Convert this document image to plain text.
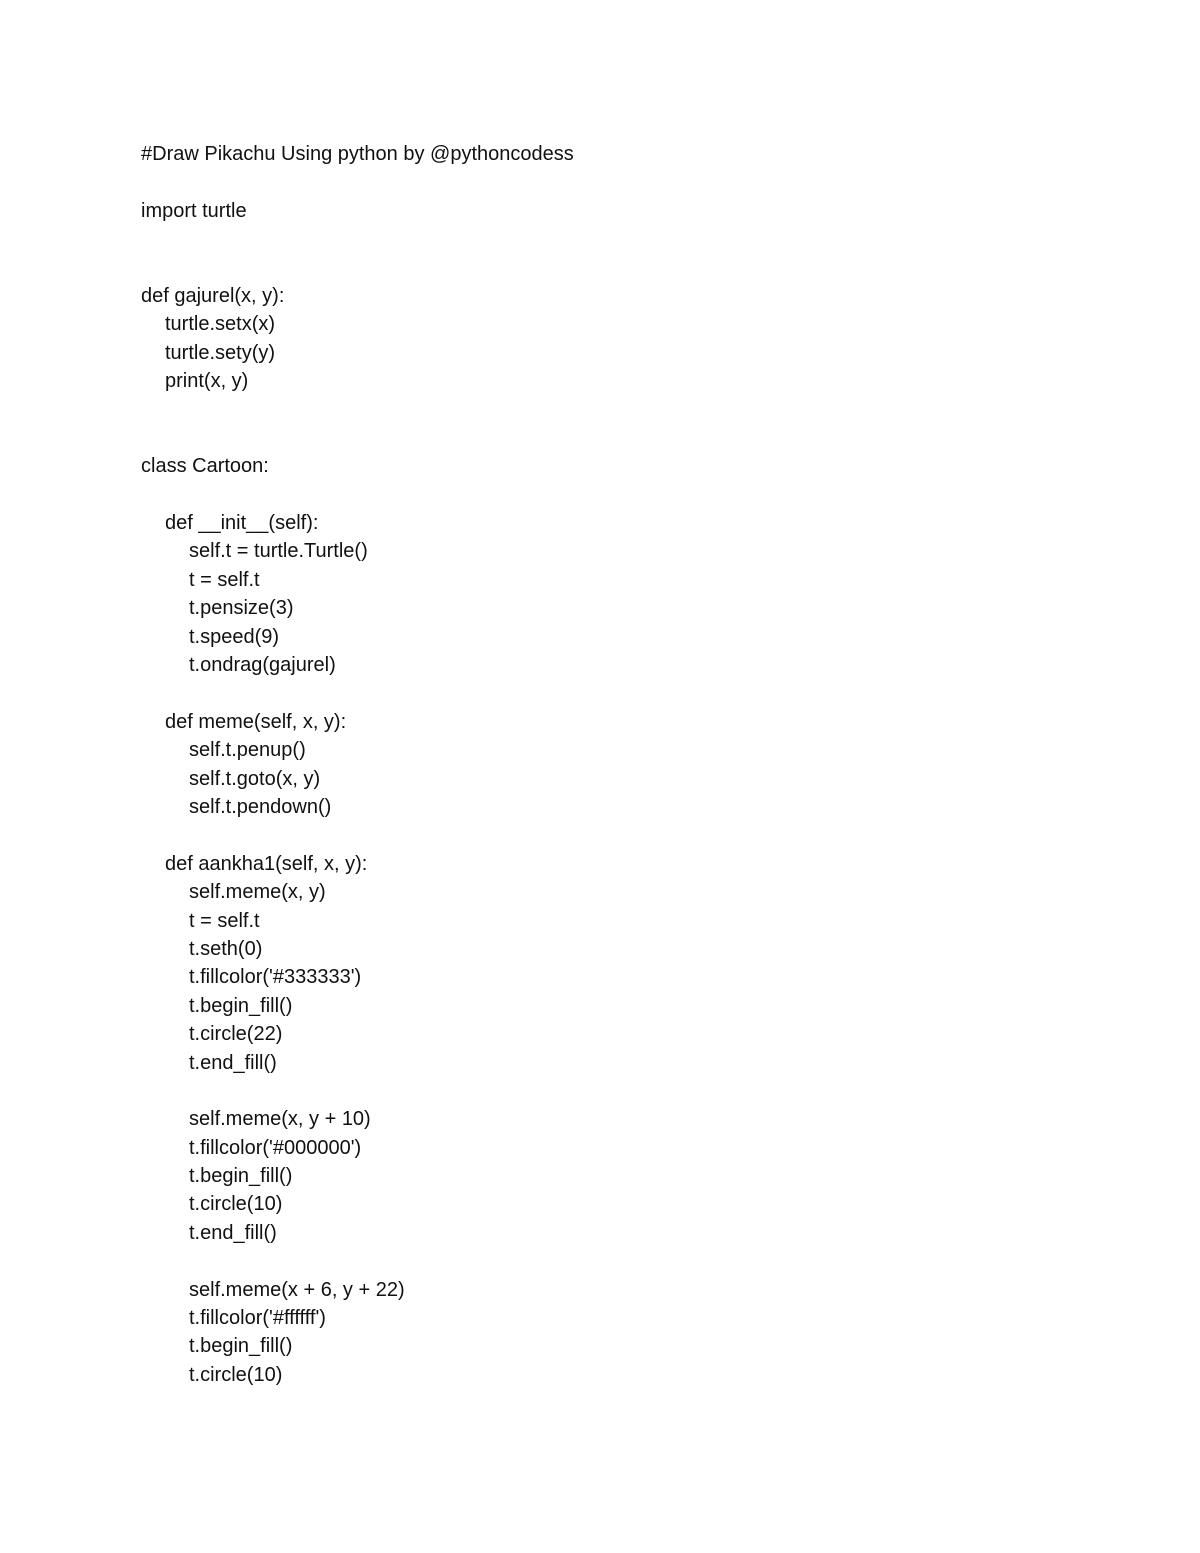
#Draw Pikachu Using python by @pythoncodess
import turtle
def gajurel(x, y):
turtle.setx(x)
turtle.sety(y)
print(x, y)
class Cartoon:
def __init__(self):
self.t = turtle.Turtle()
t = self.t
t.pensize(3)
t.speed(9)
t.ondrag(gajurel)
def meme(self, x, y):
self.t.penup()
self.t.goto(x, y)
self.t.pendown()
def aankha1(self, x, y):
self.meme(x, y)
t = self.t
t.seth(0)
t.fillcolor('#333333')
t.begin_fill()
t.circle(22)
t.end_fill()
self.meme(x, y + 10)
t.fillcolor('#000000')
t.begin_fill()
t.circle(10)
t.end_fill()
self.meme(x + 6, y + 22)
t.fillcolor('#ffffff')
t.begin_fill()
t.circle(10)
